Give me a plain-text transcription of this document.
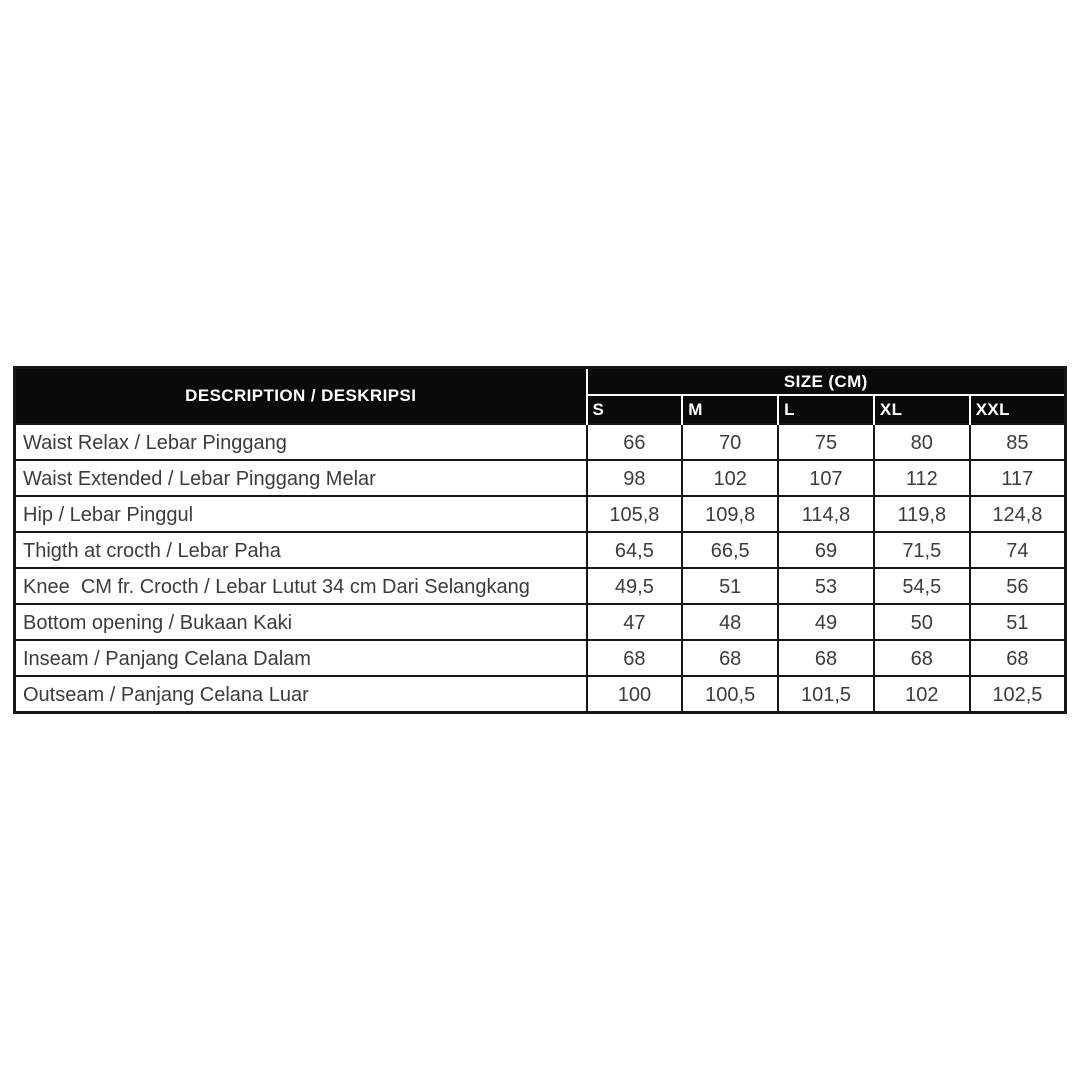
DESCRIPTION / DESKRIPSI	SIZE (CM)				
	S	M	L	XL	XXL
Waist Relax / Lebar Pinggang	66	70	75	80	85
Waist Extended / Lebar Pinggang Melar	98	102	107	112	117
Hip / Lebar Pinggul	105,8	109,8	114,8	119,8	124,8
Thigth at crocth / Lebar Paha	64,5	66,5	69	71,5	74
Knee  CM fr. Crocth / Lebar Lutut 34 cm Dari Selangkang	49,5	51	53	54,5	56
Bottom opening / Bukaan Kaki	47	48	49	50	51
Inseam / Panjang Celana Dalam	68	68	68	68	68
Outseam / Panjang Celana Luar	100	100,5	101,5	102	102,5
